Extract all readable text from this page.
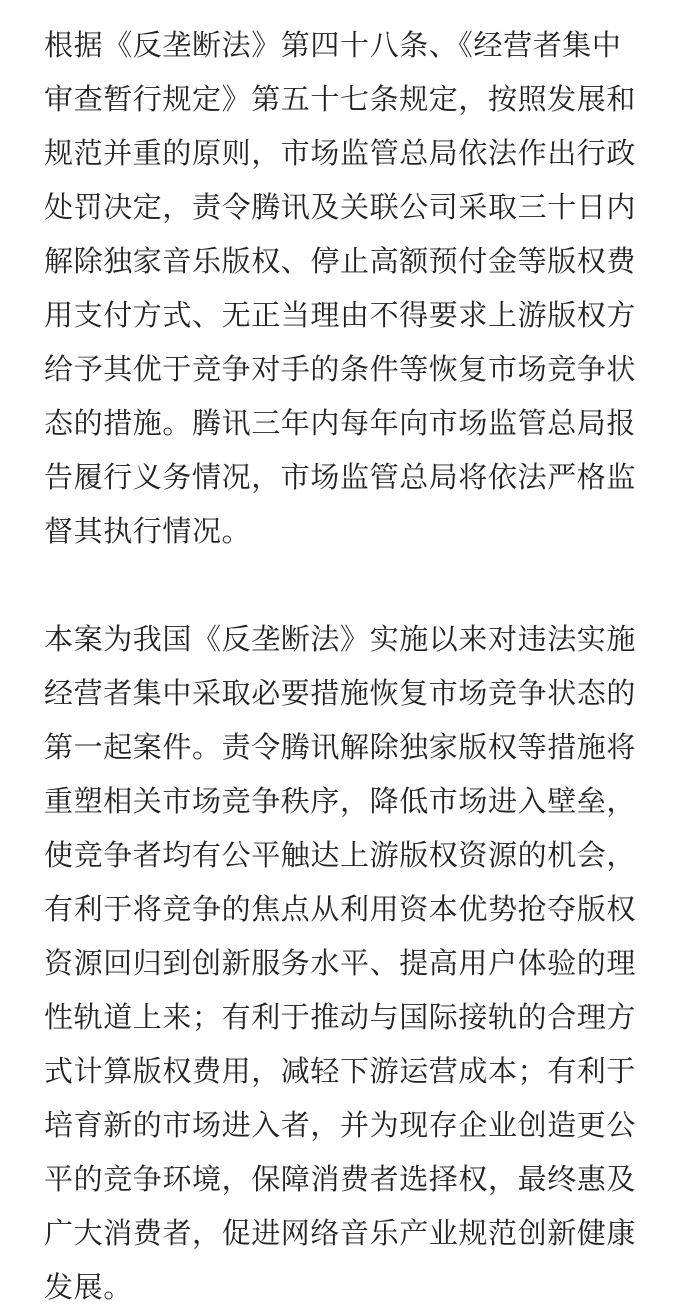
根据《反垄断法》第四十八条、《经营者集中
审查暂行规定》第五十七条规定，按照发展和
规范并重的原则，市场监管总局依法作出行政
处罚决定，责令腾讯及关联公司采取三十日内
解除独家音乐版权、停止高额预付金等版权费
用支付方式、无正当理由不得要求上游版权方
给予其优于竞争对手的条件等恢复市场竞争状
态的措施。腾讯三年内每年向市场监管总局报
告履行义务情况，市场监管总局将依法严格监
督其执行情况。

本案为我国《反垄断法》实施以来对违法实施
经营者集中采取必要措施恢复市场竞争状态的
第一起案件。责令腾讯解除独家版权等措施将
重塑相关市场竞争秩序，降低市场进入壁垒，
使竞争者均有公平触达上游版权资源的机会，
有利于将竞争的焦点从利用资本优势抢夺版权
资源回归到创新服务水平、提高用户体验的理
性轨道上来；有利于推动与国际接轨的合理方
式计算版权费用，减轻下游运营成本；有利于
培育新的市场进入者，并为现存企业创造更公
平的竞争环境，保障消费者选择权，最终惠及
广大消费者，促进网络音乐产业规范创新健康
发展。
